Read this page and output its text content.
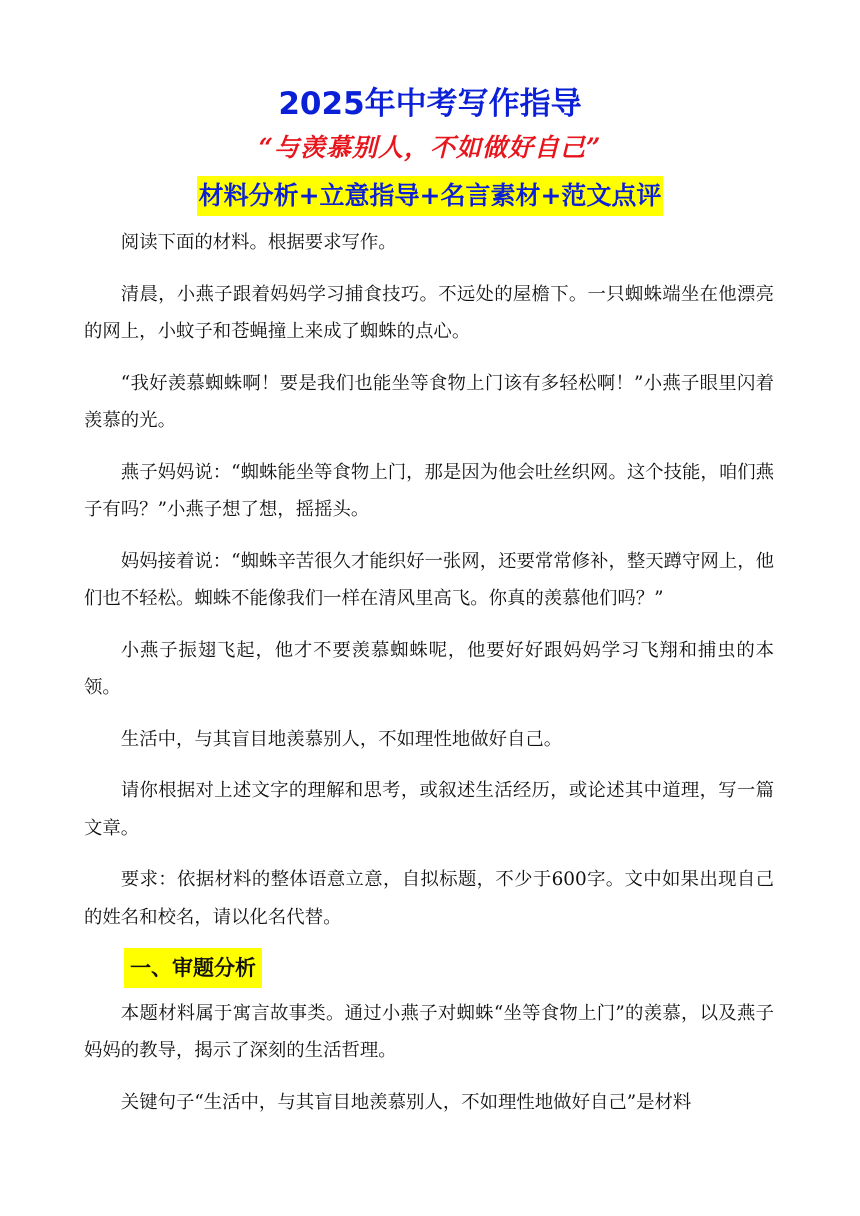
2025年中考写作指导
“与羡慕别人，不如做好自己”
材料分析+立意指导+名言素材+范文点评

阅读下面的材料。根据要求写作。

清晨，小燕子跟着妈妈学习捕食技巧。不远处的屋檐下。一只蜘蛛端坐在他漂亮的网上，小蚊子和苍蝇撞上来成了蜘蛛的点心。

“我好羡慕蜘蛛啊！要是我们也能坐等食物上门该有多轻松啊！”小燕子眼里闪着羡慕的光。

燕子妈妈说：“蜘蛛能坐等食物上门，那是因为他会吐丝织网。这个技能，咱们燕子有吗？”小燕子想了想，摇摇头。

妈妈接着说：“蜘蛛辛苦很久才能织好一张网，还要常常修补，整天蹲守网上，他们也不轻松。蜘蛛不能像我们一样在清风里高飞。你真的羡慕他们吗？”

小燕子振翅飞起，他才不要羡慕蜘蛛呢，他要好好跟妈妈学习飞翔和捕虫的本领。

生活中，与其盲目地羡慕别人，不如理性地做好自己。

请你根据对上述文字的理解和思考，或叙述生活经历，或论述其中道理，写一篇文章。

要求：依据材料的整体语意立意，自拟标题，不少于600字。文中如果出现自己的姓名和校名，请以化名代替。

一、审题分析

本题材料属于寓言故事类。通过小燕子对蜘蛛“坐等食物上门”的羡慕，以及燕子妈妈的教导，揭示了深刻的生活哲理。

关键句子“生活中，与其盲目地羡慕别人，不如理性地做好自己”是材料
